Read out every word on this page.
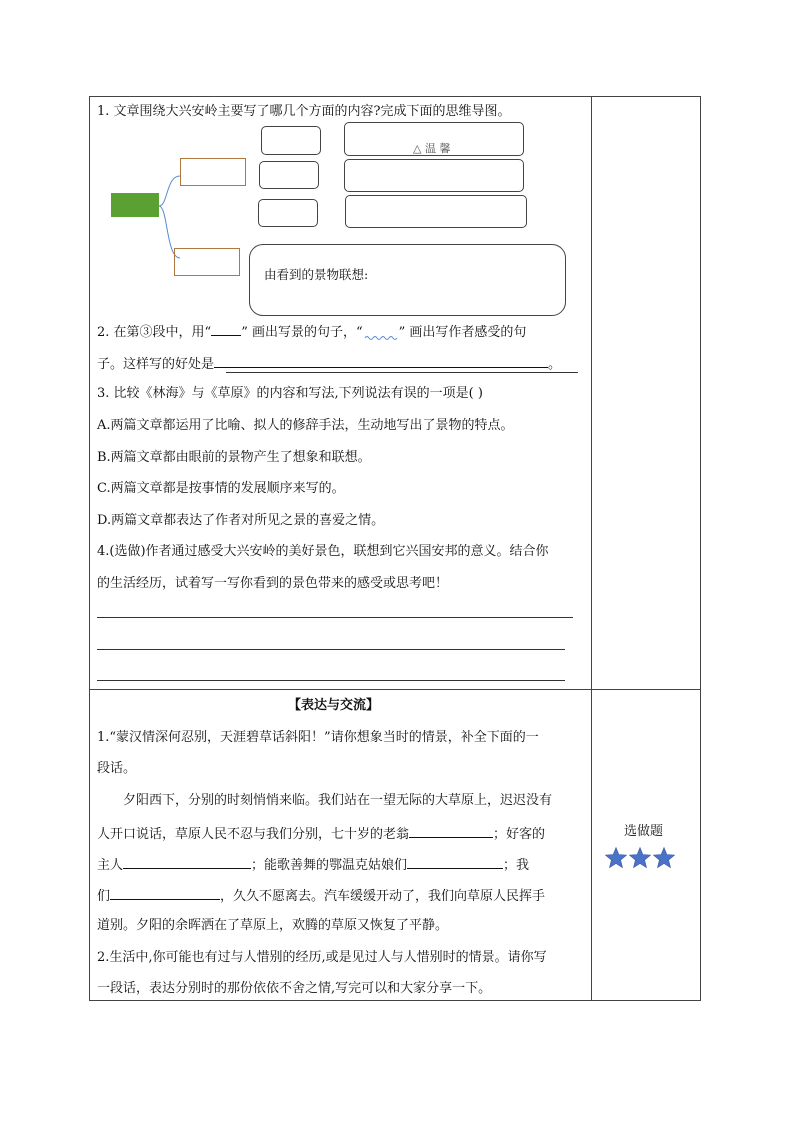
1. 文章围绕大兴安岭主要写了哪几个方面的内容?完成下面的思维导图。
△ 温 馨
由看到的景物联想:
2. 在第③段中，用“ ” 画出写景的句子，“	” 画出写作者感受的句
子。这样写的好处是	。
3. 比较《林海》与《草原》的内容和写法,下列说法有误的一项是( )
A.两篇文章都运用了比喻、拟人的修辞手法，生动地写出了景物的特点。
B.两篇文章都由眼前的景物产生了想象和联想。
C.两篇文章都是按事情的发展顺序来写的。
D.两篇文章都表达了作者对所见之景的喜爱之情。
4.(选做)作者通过感受大兴安岭的美好景色，联想到它兴国安邦的意义。结合你
的生活经历，试着写一写你看到的景色带来的感受或思考吧！
【表达与交流】
1.“蒙汉情深何忍别，天涯碧草话斜阳！”请你想象当时的情景，补全下面的一
段话。
夕阳西下，分别的时刻悄悄来临。我们站在一望无际的大草原上，迟迟没有
人开口说话，草原人民不忍与我们分别，七十岁的老翁	；好客的
主人	；能歌善舞的鄂温克姑娘们	；我
们	，久久不愿离去。汽车缓缓开动了，我们向草原人民挥手
道别。夕阳的余晖洒在了草原上，欢腾的草原又恢复了平静。
2.生活中,你可能也有过与人惜别的经历,或是见过人与人惜别时的情景。请你写
一段话，表达分别时的那份依依不舍之情,写完可以和大家分享一下。
选做题
